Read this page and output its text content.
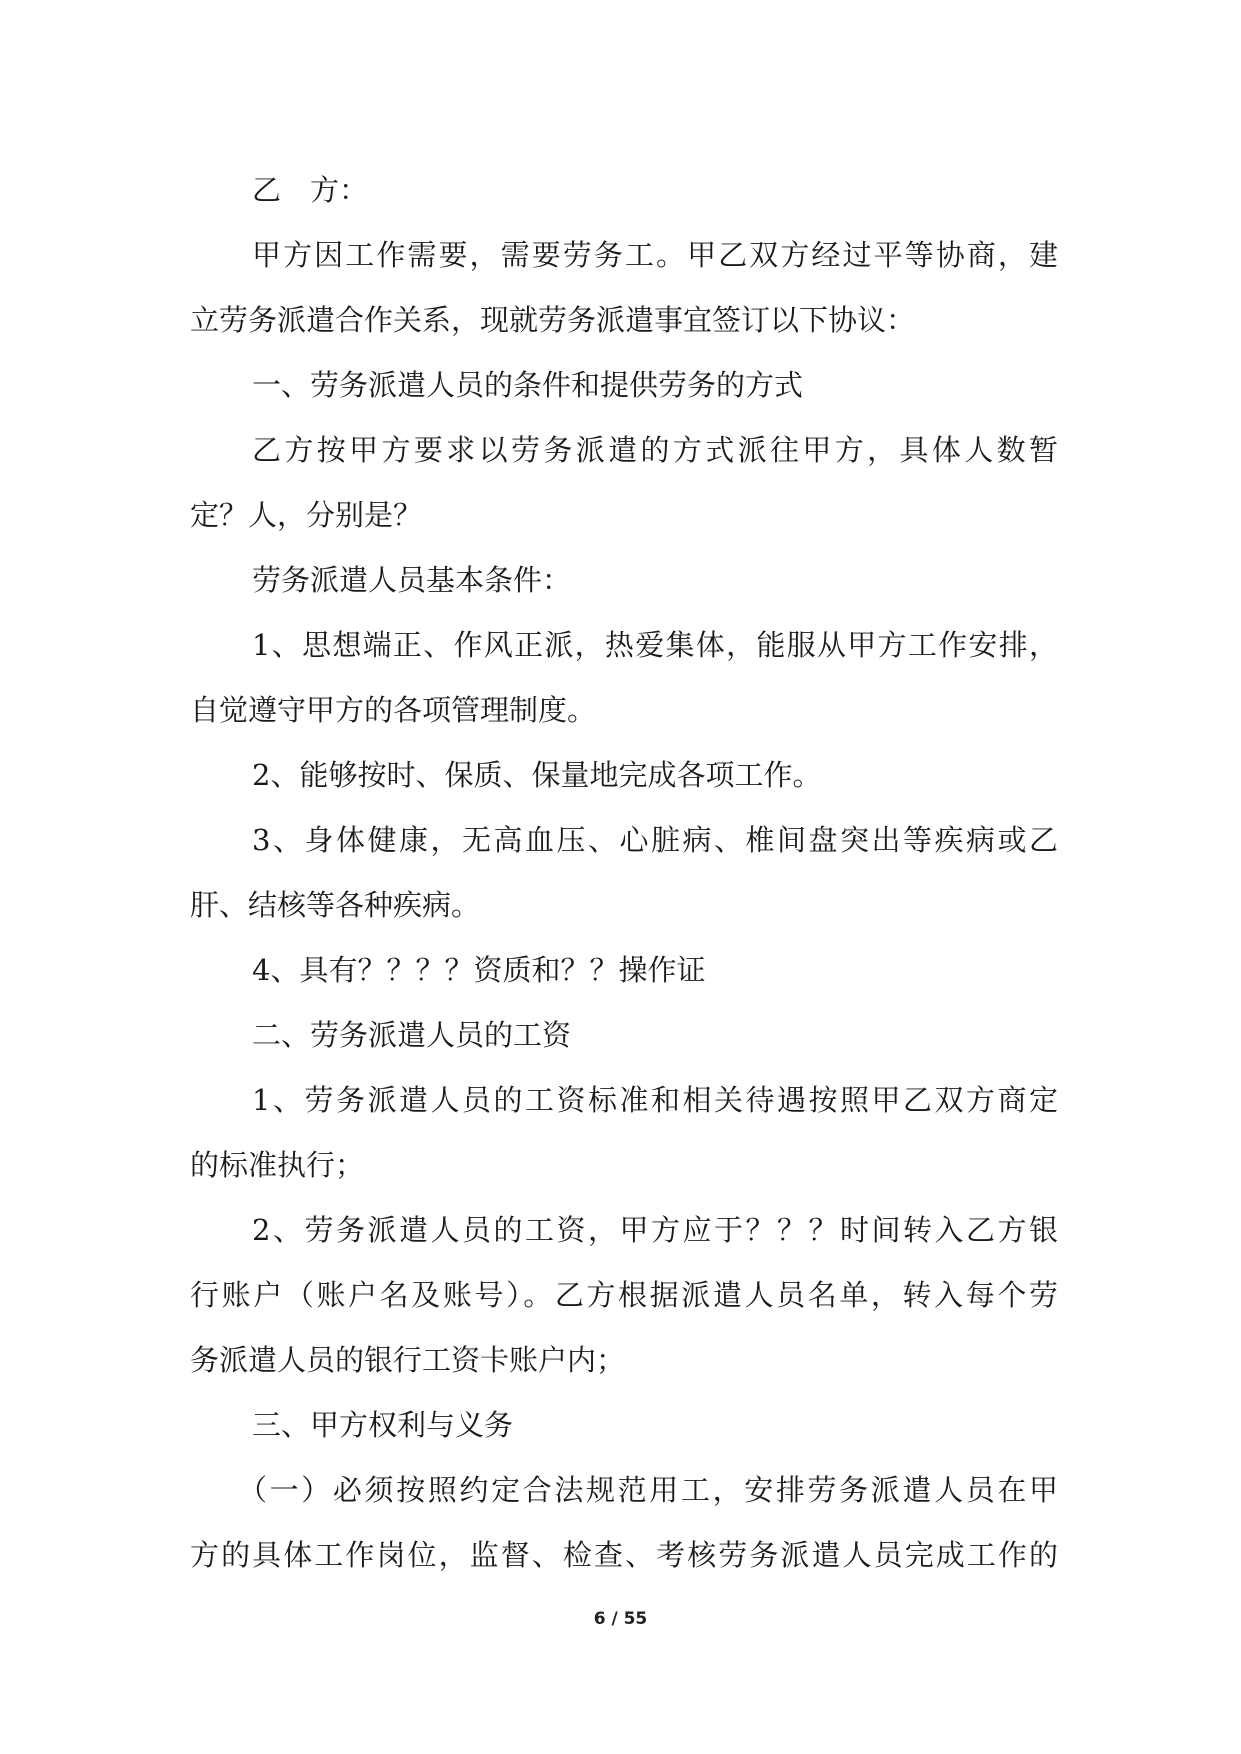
乙　方：
甲方因工作需要，需要劳务工。甲乙双方经过平等协商，建
立劳务派遣合作关系，现就劳务派遣事宜签订以下协议：
一、劳务派遣人员的条件和提供劳务的方式
乙方按甲方要求以劳务派遣的方式派往甲方，具体人数暂
定？人，分别是？
劳务派遣人员基本条件：
1、思想端正、作风正派，热爱集体，能服从甲方工作安排，
自觉遵守甲方的各项管理制度。
2、能够按时、保质、保量地完成各项工作。
3、身体健康，无高血压、心脏病、椎间盘突出等疾病或乙
肝、结核等各种疾病。
4、具有？？？？资质和？？操作证
二、劳务派遣人员的工资
1、劳务派遣人员的工资标准和相关待遇按照甲乙双方商定
的标准执行；
2、劳务派遣人员的工资，甲方应于？？？时间转入乙方银
行账户（账户名及账号）。乙方根据派遣人员名单，转入每个劳
务派遣人员的银行工资卡账户内；
三、甲方权利与义务
（一）必须按照约定合法规范用工，安排劳务派遣人员在甲
方的具体工作岗位，监督、检查、考核劳务派遣人员完成工作的
6 / 55
